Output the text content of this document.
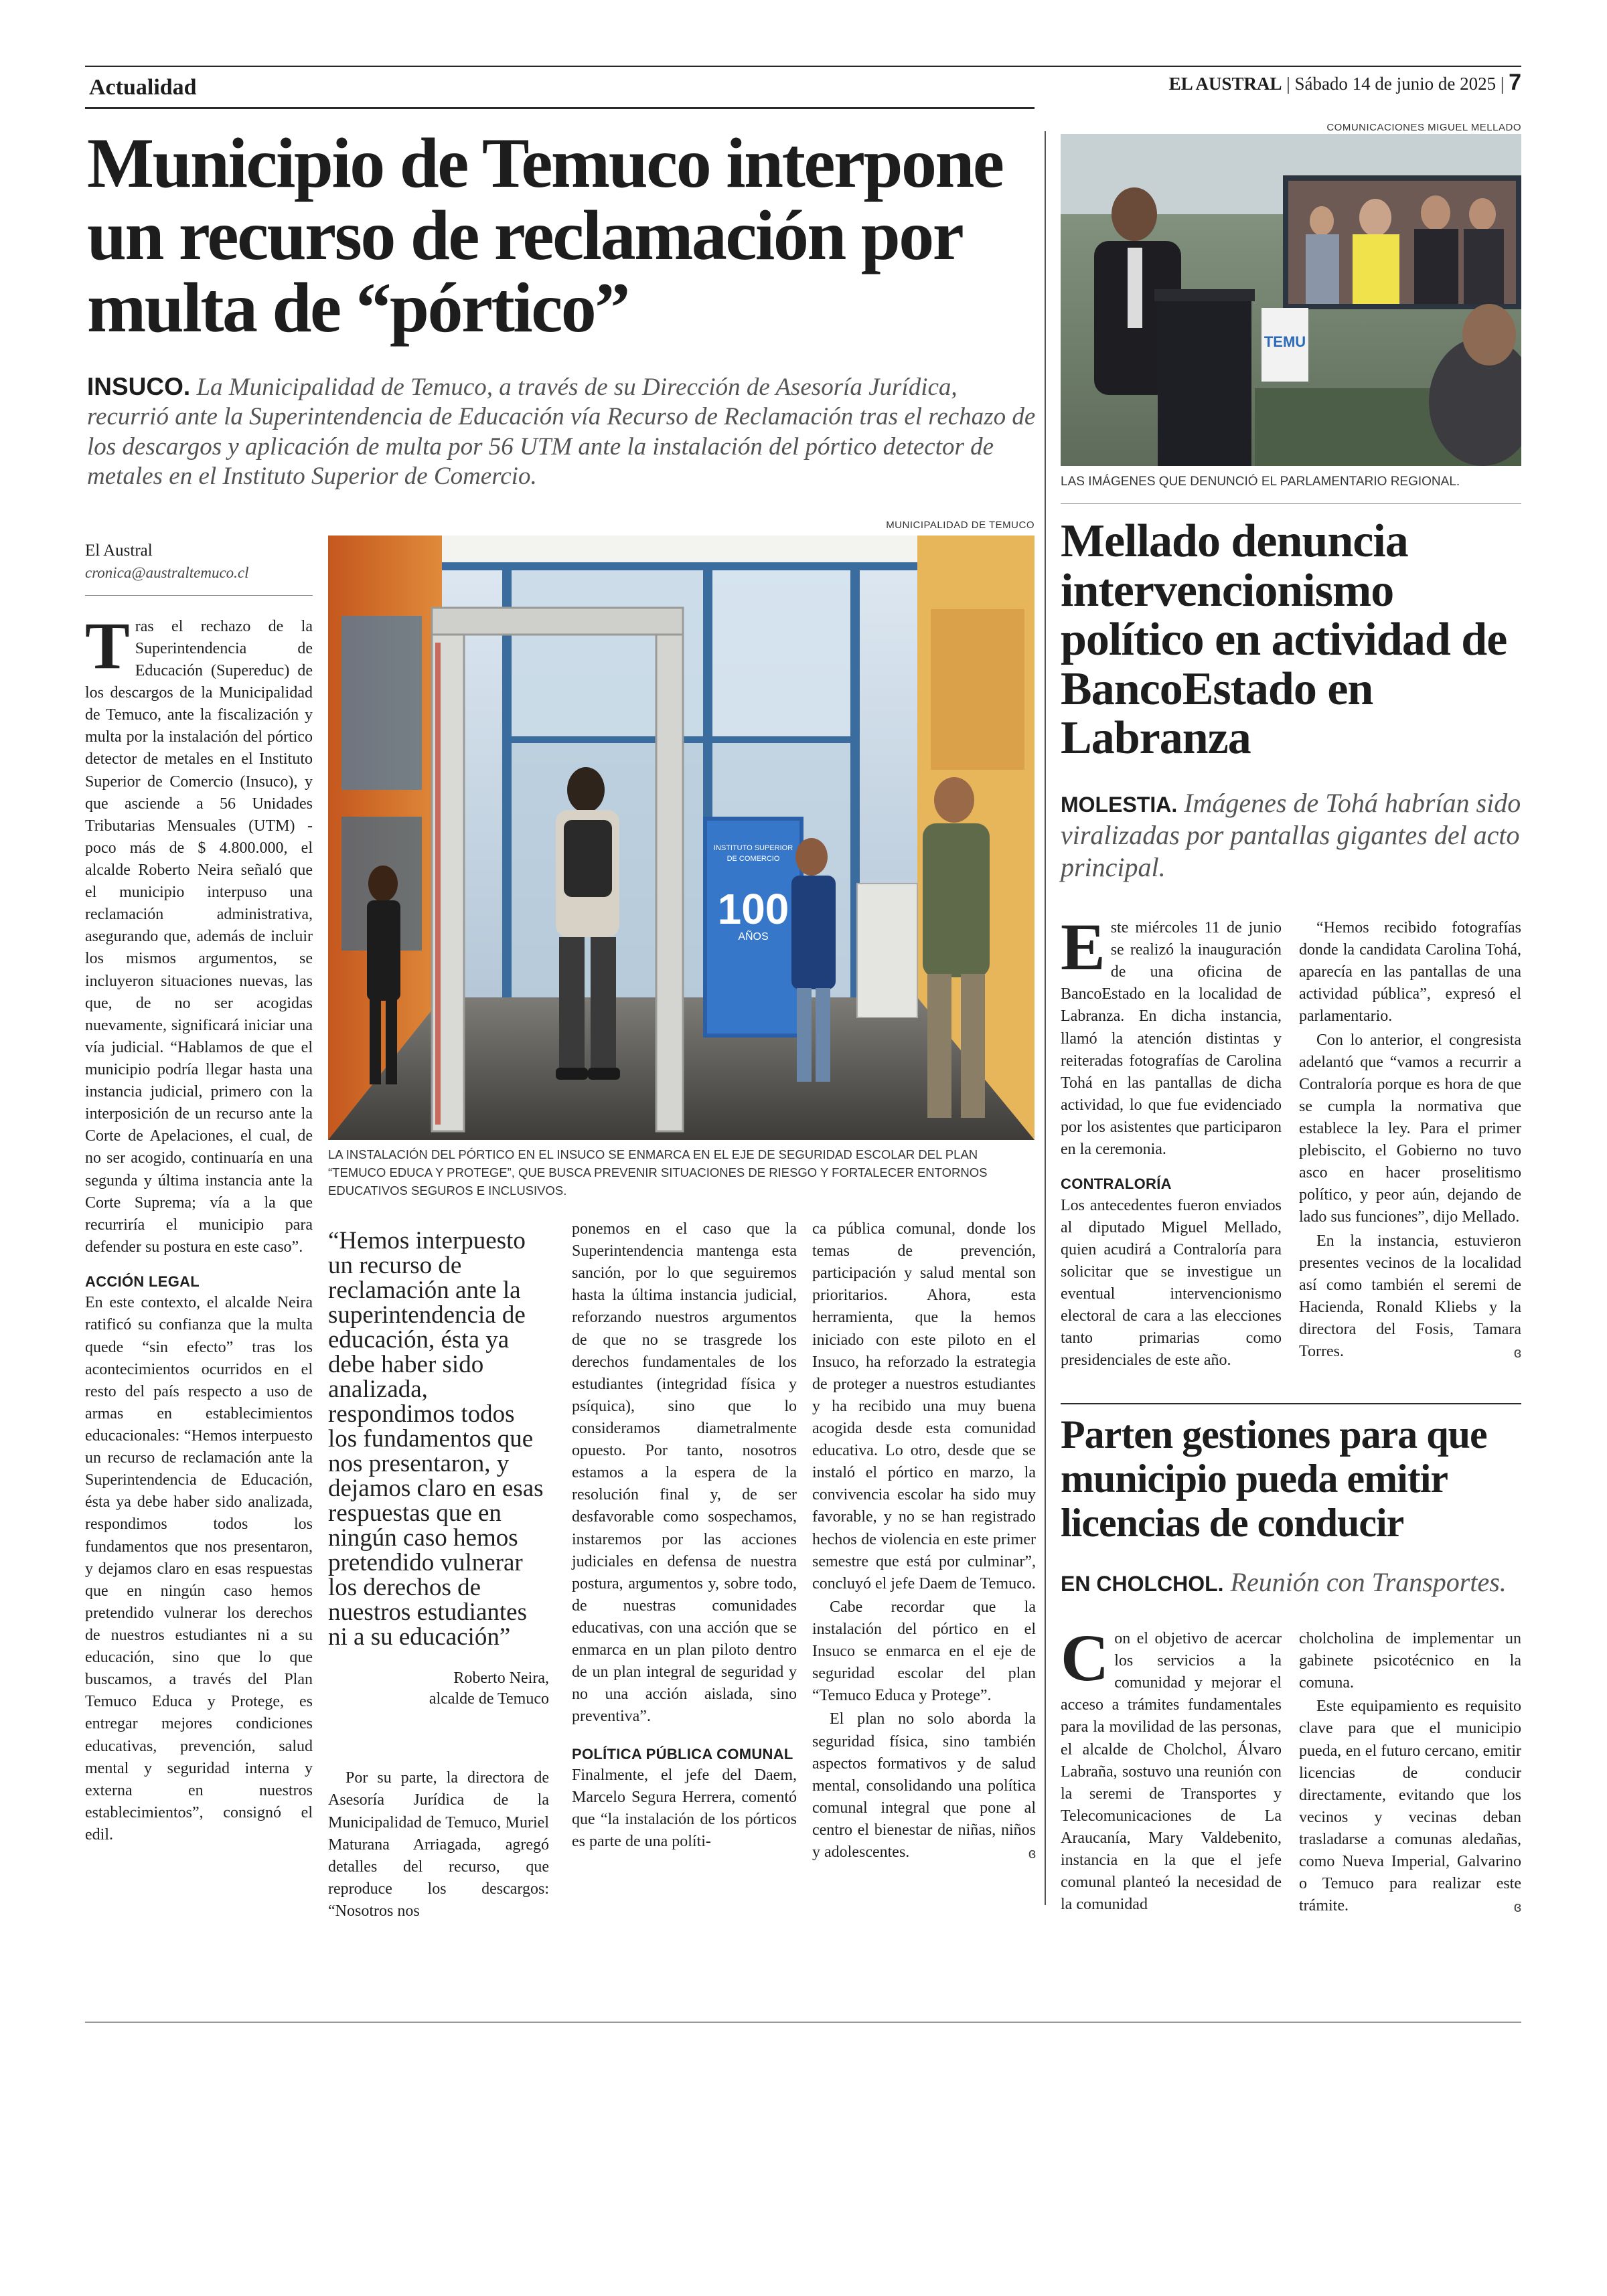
Actualidad	EL AUSTRAL | Sábado 14 de junio de 2025 | 7
Municipio de Temuco interpone un recurso de reclamación por multa de “pórtico”
INSUCO. La Municipalidad de Temuco, a través de su Dirección de Asesoría Jurídica, recurrió ante la Superintendencia de Educación vía Recurso de Reclamación tras el rechazo de los descargos y aplicación de multa por 56 UTM ante la instalación del pórtico detector de metales en el Instituto Superior de Comercio.
MUNICIPALIDAD DE TEMUCO
INSTITUTO SUPERIOR
DE COMERCIO
100
AÑOS
LA INSTALACIÓN DEL PÓRTICO EN EL INSUCO SE ENMARCA EN EL EJE DE SEGURIDAD ESCOLAR DEL PLAN “TEMUCO EDUCA Y PROTEGE”, QUE BUSCA PREVENIR SITUACIONES DE RIESGO Y FORTALECER ENTORNOS EDUCATIVOS SEGUROS E INCLUSIVOS.
El Austral
cronica@australtemuco.cl

Tras el rechazo de la Superintendencia de Educación (Supereduc) de los descargos de la Municipalidad de Temuco, ante la fiscalización y multa por la instalación del pórtico detector de metales en el Instituto Superior de Comercio (Insuco), y que asciende a 56 Unidades Tributarias Mensuales (UTM) -poco más de $ 4.800.000, el alcalde Roberto Neira señaló que el municipio interpuso una reclamación administrativa, asegurando que, además de incluir los mismos argumentos, se incluyeron situaciones nuevas, las que, de no ser acogidas nuevamente, significará iniciar una vía judicial. “Hablamos de que el municipio podría llegar hasta una instancia judicial, primero con la interposición de un recurso ante la Corte de Apelaciones, el cual, de no ser acogido, continuaría en una segunda y última instancia ante la Corte Suprema; vía a la que recurriría el municipio para defender su postura en este caso”.

ACCIÓN LEGAL

En este contexto, el alcalde Neira ratificó su confianza que la multa quede “sin efecto” tras los acontecimientos ocurridos en el resto del país respecto a uso de armas en establecimientos educacionales: “Hemos interpuesto un recurso de reclamación ante la Superintendencia de Educación, ésta ya debe haber sido analizada, respondimos todos los fundamentos que nos presentaron, y dejamos claro en esas respuestas que en ningún caso hemos pretendido vulnerar los derechos de nuestros estudiantes ni a su educación, sino que lo que buscamos, a través del Plan Temuco Educa y Protege, es entregar mejores condiciones educativas, prevención, salud mental y seguridad interna y externa en nuestros establecimientos”, consignó el edil.

“Hemos interpuesto un recurso de reclamación ante la superintendencia de educación, ésta ya debe haber sido analizada, respondimos todos los fundamentos que nos presentaron, y dejamos claro en esas respuestas que en ningún caso hemos pretendido vulnerar los derechos de nuestros estudiantes ni a su educación”
Roberto Neira,
alcalde de Temuco

Por su parte, la directora de Asesoría Jurídica de la Municipalidad de Temuco, Muriel Maturana Arriagada, agregó detalles del recurso, que reproduce los descargos: “Nosotros nos

ponemos en el caso que la Superintendencia mantenga esta sanción, por lo que seguiremos hasta la última instancia judicial, reforzando nuestros argumentos de que no se trasgrede los derechos fundamentales de los estudiantes (integridad física y psíquica), sino que lo consideramos diametralmente opuesto. Por tanto, nosotros estamos a la espera de la resolución final y, de ser desfavorable como sospechamos, instaremos por las acciones judiciales en defensa de nuestra postura, argumentos y, sobre todo, de nuestras comunidades educativas, con una acción que se enmarca en un plan piloto dentro de un plan integral de seguridad y no una acción aislada, sino preventiva”.

POLÍTICA PÚBLICA COMUNAL

Finalmente, el jefe del Daem, Marcelo Segura Herrera, comentó que “la instalación de los pórticos es parte de una políti-

ca pública comunal, donde los temas de prevención, participación y salud mental son prioritarios. Ahora, esta herramienta, que la hemos iniciado con este piloto en el Insuco, ha reforzado la estrategia de proteger a nuestros estudiantes y ha recibido una muy buena acogida desde esta comunidad educativa. Lo otro, desde que se instaló el pórtico en marzo, la convivencia escolar ha sido muy favorable, y no se han registrado hechos de violencia en este primer semestre que está por culminar”, concluyó el jefe Daem de Temuco.

Cabe recordar que la instalación del pórtico en el Insuco se enmarca en el eje de seguridad escolar del plan “Temuco Educa y Protege”.

El plan no solo aborda la seguridad física, sino también aspectos formativos y de salud mental, consolidando una política comunal integral que pone al centro el bienestar de niñas, niños y adolescentes.	ɞ
COMUNICACIONES MIGUEL MELLADO
TEMU
LAS IMÁGENES QUE DENUNCIÓ EL PARLAMENTARIO REGIONAL.
Mellado denuncia intervencionismo político en actividad de BancoEstado en Labranza
MOLESTIA. Imágenes de Tohá habrían sido viralizadas por pantallas gigantes del acto principal.

Este miércoles 11 de junio se realizó la inauguración de una oficina de BancoEstado en la localidad de Labranza. En dicha instancia, llamó la atención distintas y reiteradas fotografías de Carolina Tohá en las pantallas de dicha actividad, lo que fue evidenciado por los asistentes que participaron en la ceremonia.

CONTRALORÍA

Los antecedentes fueron enviados al diputado Miguel Mellado, quien acudirá a Contraloría para solicitar que se investigue un eventual intervencionismo electoral de cara a las elecciones tanto primarias como presidenciales de este año.

“Hemos recibido fotografías donde la candidata Carolina Tohá, aparecía en las pantallas de una actividad pública”, expresó el parlamentario.

Con lo anterior, el congresista adelantó que “vamos a recurrir a Contraloría porque es hora de que se cumpla la normativa que establece la ley. Para el primer plebiscito, el Gobierno no tuvo asco en hacer proselitismo político, y peor aún, dejando de lado sus funciones”, dijo Mellado.

En la instancia, estuvieron presentes vecinos de la localidad así como también el seremi de Hacienda, Ronald Kliebs y la directora del Fosis, Tamara Torres.	ɞ
Parten gestiones para que municipio pueda emitir licencias de conducir
EN CHOLCHOL. Reunión con Transportes.

Con el objetivo de acercar los servicios a la comunidad y mejorar el acceso a trámites fundamentales para la movilidad de las personas, el alcalde de Cholchol, Álvaro Labraña, sostuvo una reunión con la seremi de Transportes y Telecomunicaciones de La Araucanía, Mary Valdebenito, instancia en la que el jefe comunal planteó la necesidad de la comunidad

cholcholina de implementar un gabinete psicotécnico en la comuna.

Este equipamiento es requisito clave para que el municipio pueda, en el futuro cercano, emitir licencias de conducir directamente, evitando que los vecinos y vecinas deban trasladarse a comunas aledañas, como Nueva Imperial, Galvarino o Temuco para realizar este trámite.	ɞ
